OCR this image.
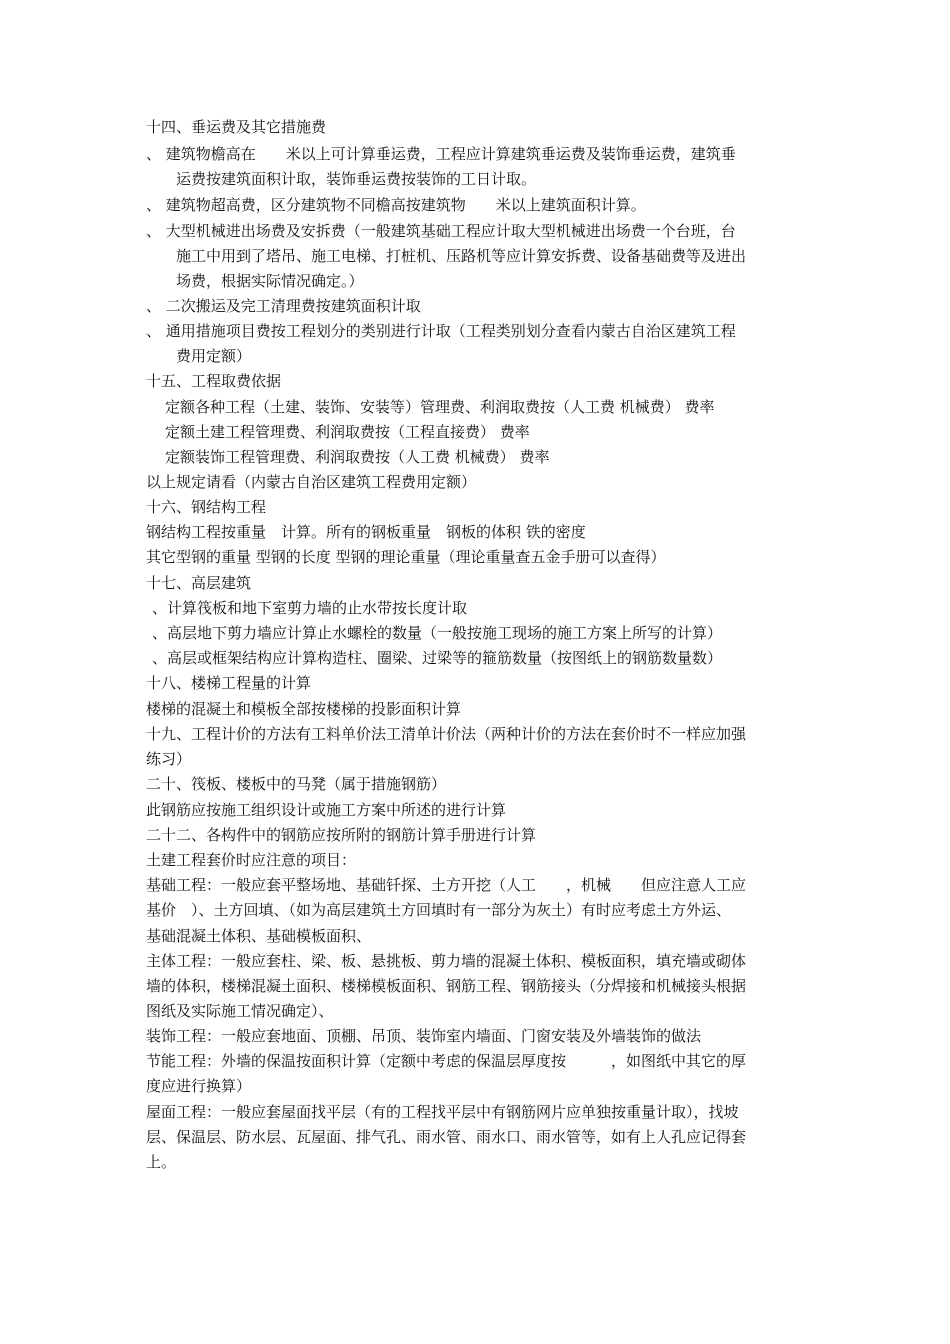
十四、垂运费及其它措施费
、 建筑物檐高在　　米以上可计算垂运费，工程应计算建筑垂运费及装饰垂运费，建筑垂
运费按建筑面积计取，装饰垂运费按装饰的工日计取。
、 建筑物超高费，区分建筑物不同檐高按建筑物　　米以上建筑面积计算。
、 大型机械进出场费及安拆费（一般建筑基础工程应计取大型机械进出场费一个台班，台
施工中用到了塔吊、施工电梯、打桩机、压路机等应计算安拆费、设备基础费等及进出
场费，根据实际情况确定。）
、 二次搬运及完工清理费按建筑面积计取
、 通用措施项目费按工程划分的类别进行计取（工程类别划分查看内蒙古自治区建筑工程
费用定额）
十五、工程取费依据
定额各种工程（土建、装饰、安装等）管理费、利润取费按（人工费 机械费） 费率
定额土建工程管理费、利润取费按（工程直接费） 费率
定额装饰工程管理费、利润取费按（人工费 机械费） 费率
以上规定请看（内蒙古自治区建筑工程费用定额）
十六、钢结构工程
钢结构工程按重量　计算。所有的钢板重量　钢板的体积 铁的密度
其它型钢的重量 型钢的长度 型钢的理论重量（理论重量查五金手册可以查得）
十七、高层建筑
、计算筏板和地下室剪力墙的止水带按长度计取
、高层地下剪力墙应计算止水螺栓的数量（一般按施工现场的施工方案上所写的计算）
、高层或框架结构应计算构造柱、圈梁、过梁等的箍筋数量（按图纸上的钢筋数量数）
十八、楼梯工程量的计算
楼梯的混凝土和模板全部按楼梯的投影面积计算
十九、工程计价的方法有工料单价法工清单计价法（两种计价的方法在套价时不一样应加强
练习）
二十、筏板、楼板中的马凳（属于措施钢筋）
此钢筋应按施工组织设计或施工方案中所述的进行计算
二十二、各构件中的钢筋应按所附的钢筋计算手册进行计算
土建工程套价时应注意的项目：
基础工程：一般应套平整场地、基础钎探、土方开挖（人工　　，机械　　但应注意人工应
基价　）、土方回填、（如为高层建筑土方回填时有一部分为灰土）有时应考虑土方外运、
基础混凝土体积、基础模板面积、
主体工程：一般应套柱、梁、板、悬挑板、剪力墙的混凝土体积、模板面积，填充墙或砌体
墙的体积，楼梯混凝土面积、楼梯模板面积、钢筋工程、钢筋接头（分焊接和机械接头根据
图纸及实际施工情况确定）、
装饰工程：一般应套地面、顶棚、吊顶、装饰室内墙面、门窗安装及外墙装饰的做法
节能工程：外墙的保温按面积计算（定额中考虑的保温层厚度按　　　，如图纸中其它的厚
度应进行换算）
屋面工程：一般应套屋面找平层（有的工程找平层中有钢筋网片应单独按重量计取），找坡
层、保温层、防水层、瓦屋面、排气孔、雨水管、雨水口、雨水管等，如有上人孔应记得套
上。
